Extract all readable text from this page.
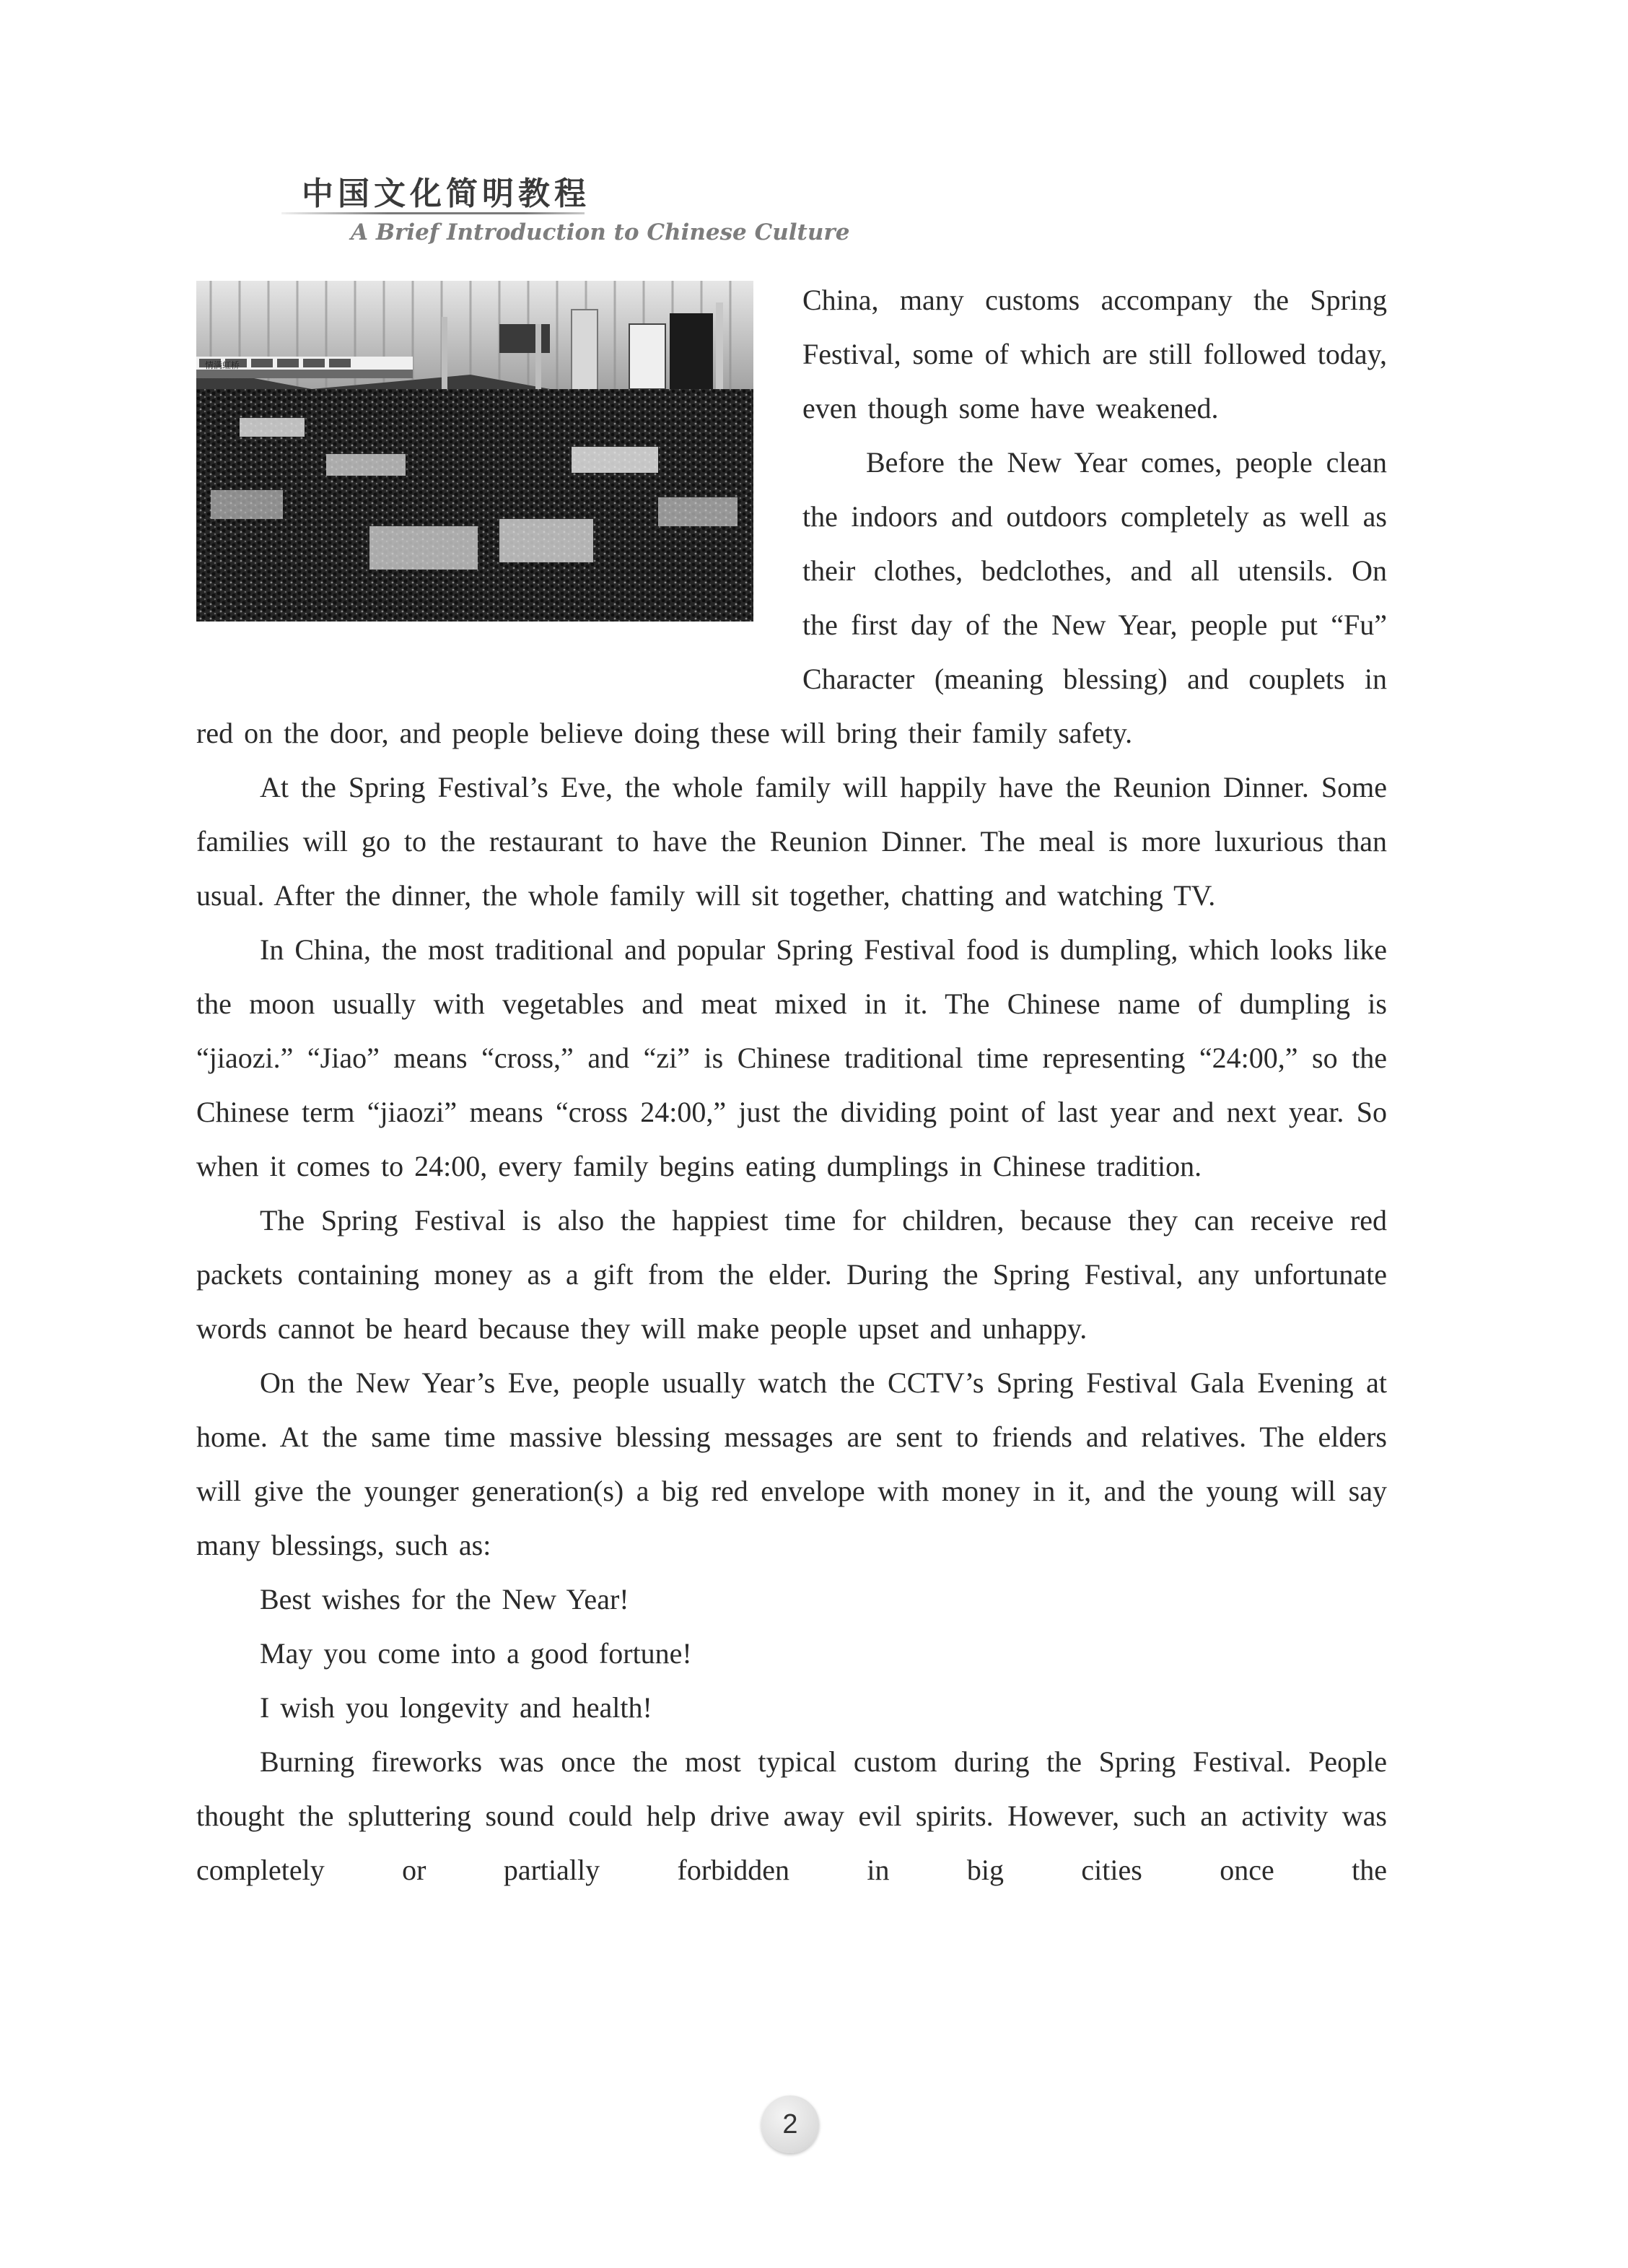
中国文化简明教程
A Brief Introduction to Chinese Culture
情满虹桥

China, many customs accompany the Spring Festival, some of which are still followed today, even though some have weakened.

Before the New Year comes, people clean the indoors and outdoors completely as well as their clothes, bedclothes, and all utensils. On the first day of the New Year, people put “Fu” Character (meaning blessing) and couplets in red on the door, and people believe doing these will bring their family safety.

At the Spring Festival’s Eve, the whole family will happily have the Reunion Dinner. Some families will go to the restaurant to have the Reunion Dinner. The meal is more luxurious than usual. After the dinner, the whole family will sit together, chatting and watching TV.

In China, the most traditional and popular Spring Festival food is dumpling, which looks like the moon usually with vegetables and meat mixed in it. The Chinese name of dumpling is “jiaozi.” “Jiao” means “cross,” and “zi” is Chinese traditional time representing “24:00,” so the Chinese term “jiaozi” means “cross 24:00,” just the dividing point of last year and next year. So when it comes to 24:00, every family begins eating dumplings in Chinese tradition.

The Spring Festival is also the happiest time for children, because they can receive red packets containing money as a gift from the elder. During the Spring Festival, any unfortunate words cannot be heard because they will make people upset and unhappy.

On the New Year’s Eve, people usually watch the CCTV’s Spring Festival Gala Evening at home. At the same time massive blessing messages are sent to friends and relatives. The elders will give the younger generation(s) a big red envelope with money in it, and the young will say many blessings, such as:

Best wishes for the New Year!

May you come into a good fortune!

I wish you longevity and health!

Burning fireworks was once the most typical custom during the Spring Festival. People thought the spluttering sound could help drive away evil spirits. However, such an activity was completely or partially forbidden in big cities once the

2
